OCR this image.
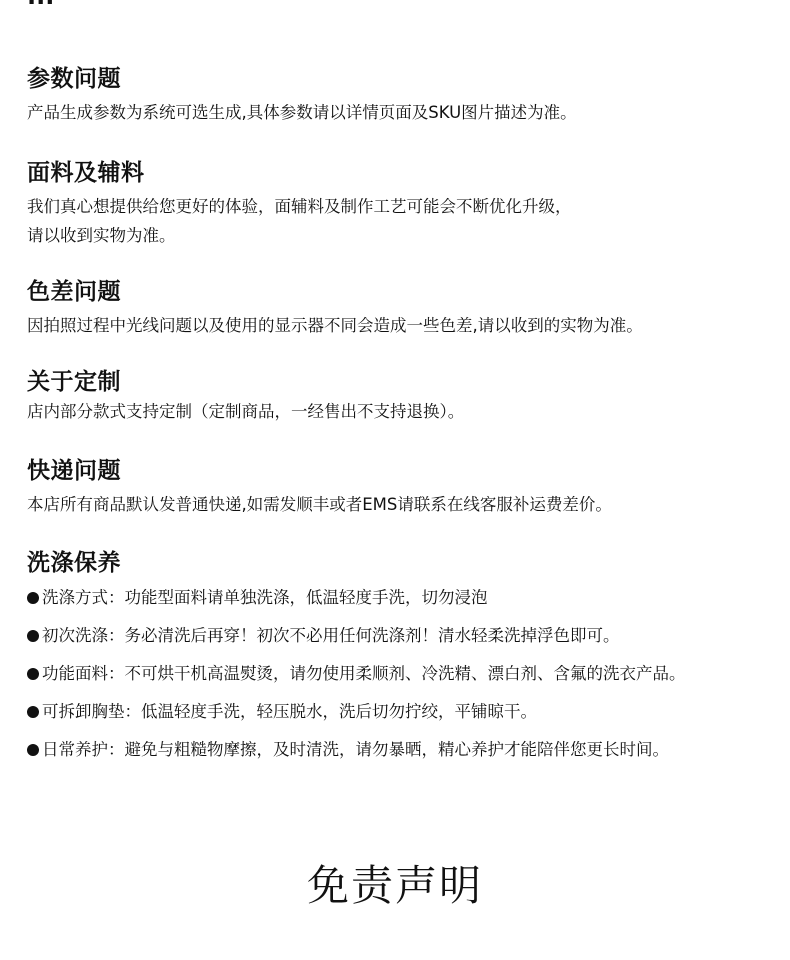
参数问题

产品生成参数为系统可选生成,具体参数请以详情页面及SKU图片描述为准。

面料及辅料

我们真心想提供给您更好的体验，面辅料及制作工艺可能会不断优化升级，

请以收到实物为准。

色差问题

因拍照过程中光线问题以及使用的显示器不同会造成一些色差,请以收到的实物为准。

关于定制

店内部分款式支持定制（定制商品，一经售出不支持退换）。

快递问题

本店所有商品默认发普通快递,如需发顺丰或者EMS请联系在线客服补运费差价。

洗涤保养
洗涤方式：功能型面料请单独洗涤，低温轻度手洗，切勿浸泡
初次洗涤：务必清洗后再穿！初次不必用任何洗涤剂！清水轻柔洗掉浮色即可。
功能面料：不可烘干机高温熨烫，请勿使用柔顺剂、冷洗精、漂白剂、含氟的洗衣产品。
可拆卸胸垫：低温轻度手洗，轻压脱水，洗后切勿拧绞，平铺晾干。
日常养护：避免与粗糙物摩擦，及时清洗，请勿暴晒，精心养护才能陪伴您更长时间。
免责声明
